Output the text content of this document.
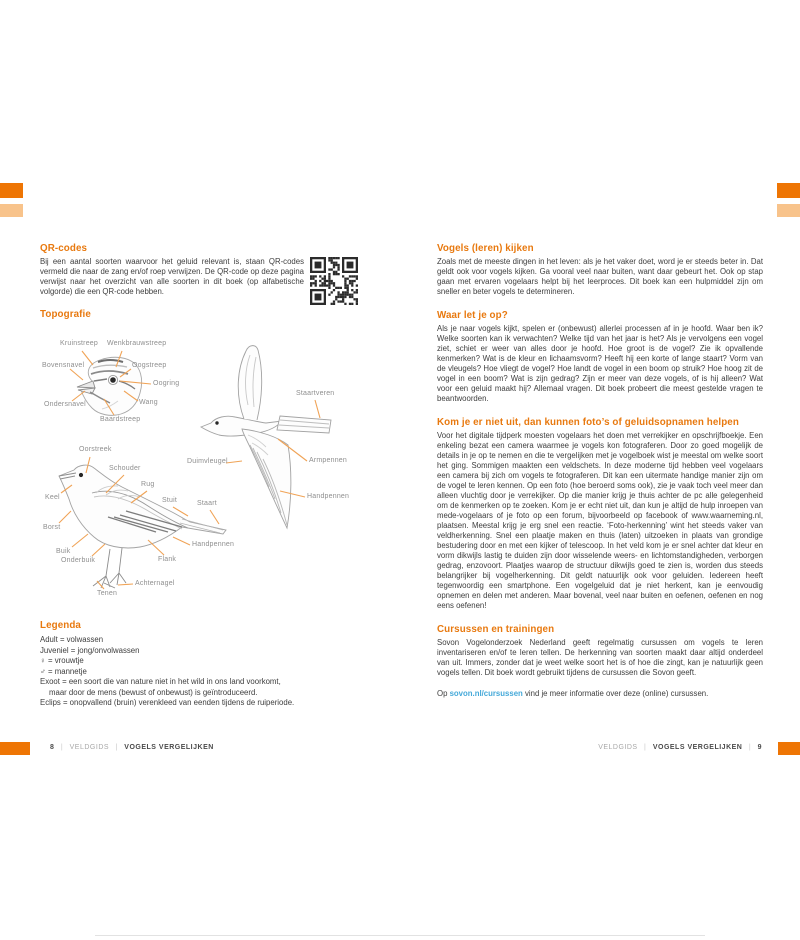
QR-codes
Bij een aantal soorten waarvoor het geluid relevant is, staan QR-codes vermeld die naar de zang en/of roep verwijzen. De QR-code op deze pagina verwijst naar het overzicht van alle soorten in dit boek (op alfabetische volgorde) die een QR-code hebben.
Topografie
Kruinstreep Wenkbrauwstreep
Bovensnavel	Oogstreep
Oogring
Ondersnavel	Wang
Baardstreep
Oorstreek
Schouder
Rug
Stuit	Staart
Keel
Borst
Buik
Onderbuik	Flank
Handpennen
Achternagel
Tenen
Staartveren
Duimvleugel	Armpennen
Handpennen
Legenda
Adult = volwassen
Juveniel = jong/onvolwassen
♀ = vrouwtje
♂ = mannetje
Exoot = een soort die van nature niet in het wild in ons land voorkomt,
maar door de mens (bewust of onbewust) is geïntroduceerd.
Eclips = onopvallend (bruin) verenkleed van eenden tijdens de ruiperiode.
8 | VELDGIDS | VOGELS VERGELIJKEN
Vogels (leren) kijken
Zoals met de meeste dingen in het leven: als je het vaker doet, word je er steeds beter in. Dat geldt ook voor vogels kijken. Ga vooral veel naar buiten, want daar gebeurt het. Ook op stap gaan met ervaren vogelaars helpt bij het leerproces. Dit boek kan een hulpmiddel zijn om sneller en beter vogels te determineren.
Waar let je op?
Als je naar vogels kijkt, spelen er (onbewust) allerlei processen af in je hoofd. Waar ben ik? Welke soorten kan ik verwachten? Welke tijd van het jaar is het? Als je vervolgens een vogel ziet, schiet er weer van alles door je hoofd. Hoe groot is de vogel? Zie ik opvallende kenmerken? Wat is de kleur en lichaamsvorm? Heeft hij een korte of lange staart? Vorm van de vleugels? Hoe vliegt de vogel? Hoe landt de vogel in een boom op struik? Hoe hoog zit de vogel in een boom? Wat is zijn gedrag? Zijn er meer van deze vogels, of is hij alleen? Wat voor een geluid maakt hij? Allemaal vragen. Dit boek probeert die meest gestelde vragen te beantwoorden.
Kom je er niet uit, dan kunnen foto’s of geluidsopnamen helpen
Voor het digitale tijdperk moesten vogelaars het doen met verrekijker en opschrijfboekje. Een enkeling bezat een camera waarmee je vogels kon fotograferen. Door zo goed mogelijk de details in je op te nemen en die te vergelijken met je vogelboek wist je meestal om welke soort het ging. Sommigen maakten een veldschets. In deze moderne tijd hebben veel vogelaars een camera bij zich om vogels te fotograferen. Dit kan een uitermate handige manier zijn om de vogel te leren kennen. Op een foto (hoe beroerd soms ook), zie je vaak toch veel meer dan alleen vluchtig door je verrekijker. Op die manier krijg je thuis achter de pc alle gelegenheid om de kenmerken op te zoeken. Kom je er echt niet uit, dan kun je altijd de hulp inroepen van mede-vogelaars of je foto op een forum, bijvoorbeeld op facebook of www.waarneming.nl, plaatsen. Meestal krijg je erg snel een reactie. ‘Foto-herkenning’ wint het steeds vaker van veldherkenning. Snel een plaatje maken en thuis (laten) uitzoeken in plaats van grondige bestudering door en met een kijker of telescoop. In het veld kom je er snel achter dat kleur en vorm dikwijls lastig te duiden zijn door wisselende weers- en lichtomstandigheden, verborgen gedrag, enzovoort. Plaatjes waarop de structuur dikwijls goed te zien is, worden dus steeds belangrijker bij vogelherkenning. Dit geldt natuurlijk ook voor geluiden. Iedereen heeft tegenwoordig een smartphone. Een vogelgeluid dat je niet herkent, kan je eenvoudig opnemen en delen met anderen. Maar bovenal, veel naar buiten en oefenen, oefenen en nog eens oefenen!
Cursussen en trainingen
Sovon Vogelonderzoek Nederland geeft regelmatig cursussen om vogels te leren inventariseren en/of te leren tellen. De herkenning van soorten maakt daar altijd onderdeel van uit. Immers, zonder dat je weet welke soort het is of hoe die zingt, kan je natuurlijk geen vogels tellen. Dit boek wordt gebruikt tijdens de cursussen die Sovon geeft.
Op sovon.nl/cursussen vind je meer informatie over deze (online) cursussen.
VELDGIDS | VOGELS VERGELIJKEN | 9
